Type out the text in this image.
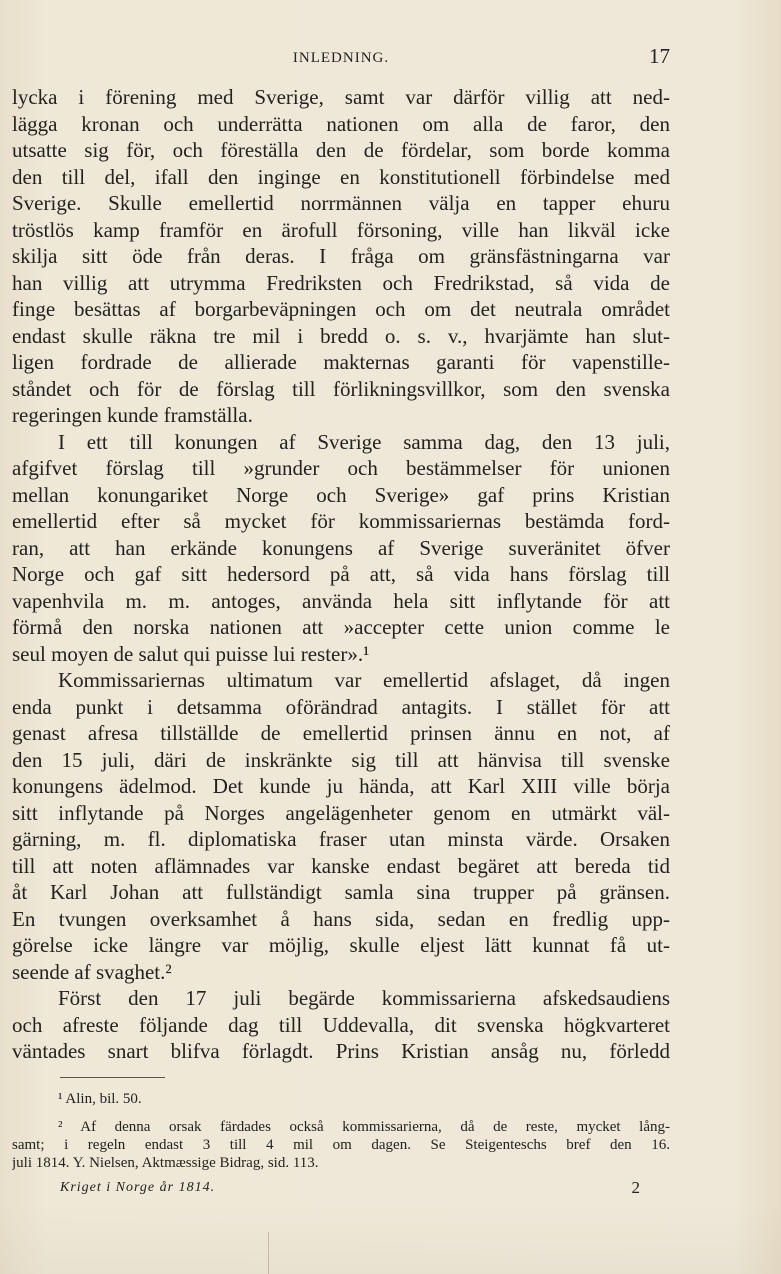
INLEDNING.	17
lycka i förening med Sverige, samt var därför villig att ned-
lägga kronan och underrätta nationen om alla de faror, den
utsatte sig för, och föreställa den de fördelar, som borde komma
den till del, ifall den inginge en konstitutionell förbindelse med
Sverige. Skulle emellertid norrmännen välja en tapper ehuru
tröstlös kamp framför en ärofull försoning, ville han likväl icke
skilja sitt öde från deras. I fråga om gränsfästningarna var
han villig att utrymma Fredriksten och Fredrikstad, så vida de
finge besättas af borgarbeväpningen och om det neutrala området
endast skulle räkna tre mil i bredd o. s. v., hvarjämte han slut-
ligen fordrade de allierade makternas garanti för vapenstille-
ståndet och för de förslag till förlikningsvillkor, som den svenska
regeringen kunde framställa.
I ett till konungen af Sverige samma dag, den 13 juli,
afgifvet förslag till »grunder och bestämmelser för unionen
mellan konungariket Norge och Sverige» gaf prins Kristian
emellertid efter så mycket för kommissariernas bestämda ford-
ran, att han erkände konungens af Sverige suveränitet öfver
Norge och gaf sitt hedersord på att, så vida hans förslag till
vapenhvila m. m. antoges, använda hela sitt inflytande för att
förmå den norska nationen att »accepter cette union comme le
seul moyen de salut qui puisse lui rester».¹
Kommissariernas ultimatum var emellertid afslaget, då ingen
enda punkt i detsamma oförändrad antagits. I stället för att
genast afresa tillställde de emellertid prinsen ännu en not, af
den 15 juli, däri de inskränkte sig till att hänvisa till svenske
konungens ädelmod. Det kunde ju hända, att Karl XIII ville börja
sitt inflytande på Norges angelägenheter genom en utmärkt väl-
gärning, m. fl. diplomatiska fraser utan minsta värde. Orsaken
till att noten aflämnades var kanske endast begäret att bereda tid
åt Karl Johan att fullständigt samla sina trupper på gränsen.
En tvungen overksamhet å hans sida, sedan en fredlig upp-
görelse icke längre var möjlig, skulle eljest lätt kunnat få ut-
seende af svaghet.²
Först den 17 juli begärde kommissarierna afskedsaudiens
och afreste följande dag till Uddevalla, dit svenska högkvarteret
väntades snart blifva förlagdt. Prins Kristian ansåg nu, förledd
¹ Alin, bil. 50.
² Af denna orsak färdades också kommissarierna, då de reste, mycket lång-
samt; i regeln endast 3 till 4 mil om dagen. Se Steigenteschs bref den 16.
juli 1814. Y. Nielsen, Aktmæssige Bidrag, sid. 113.
Kriget i Norge år 1814.	2
